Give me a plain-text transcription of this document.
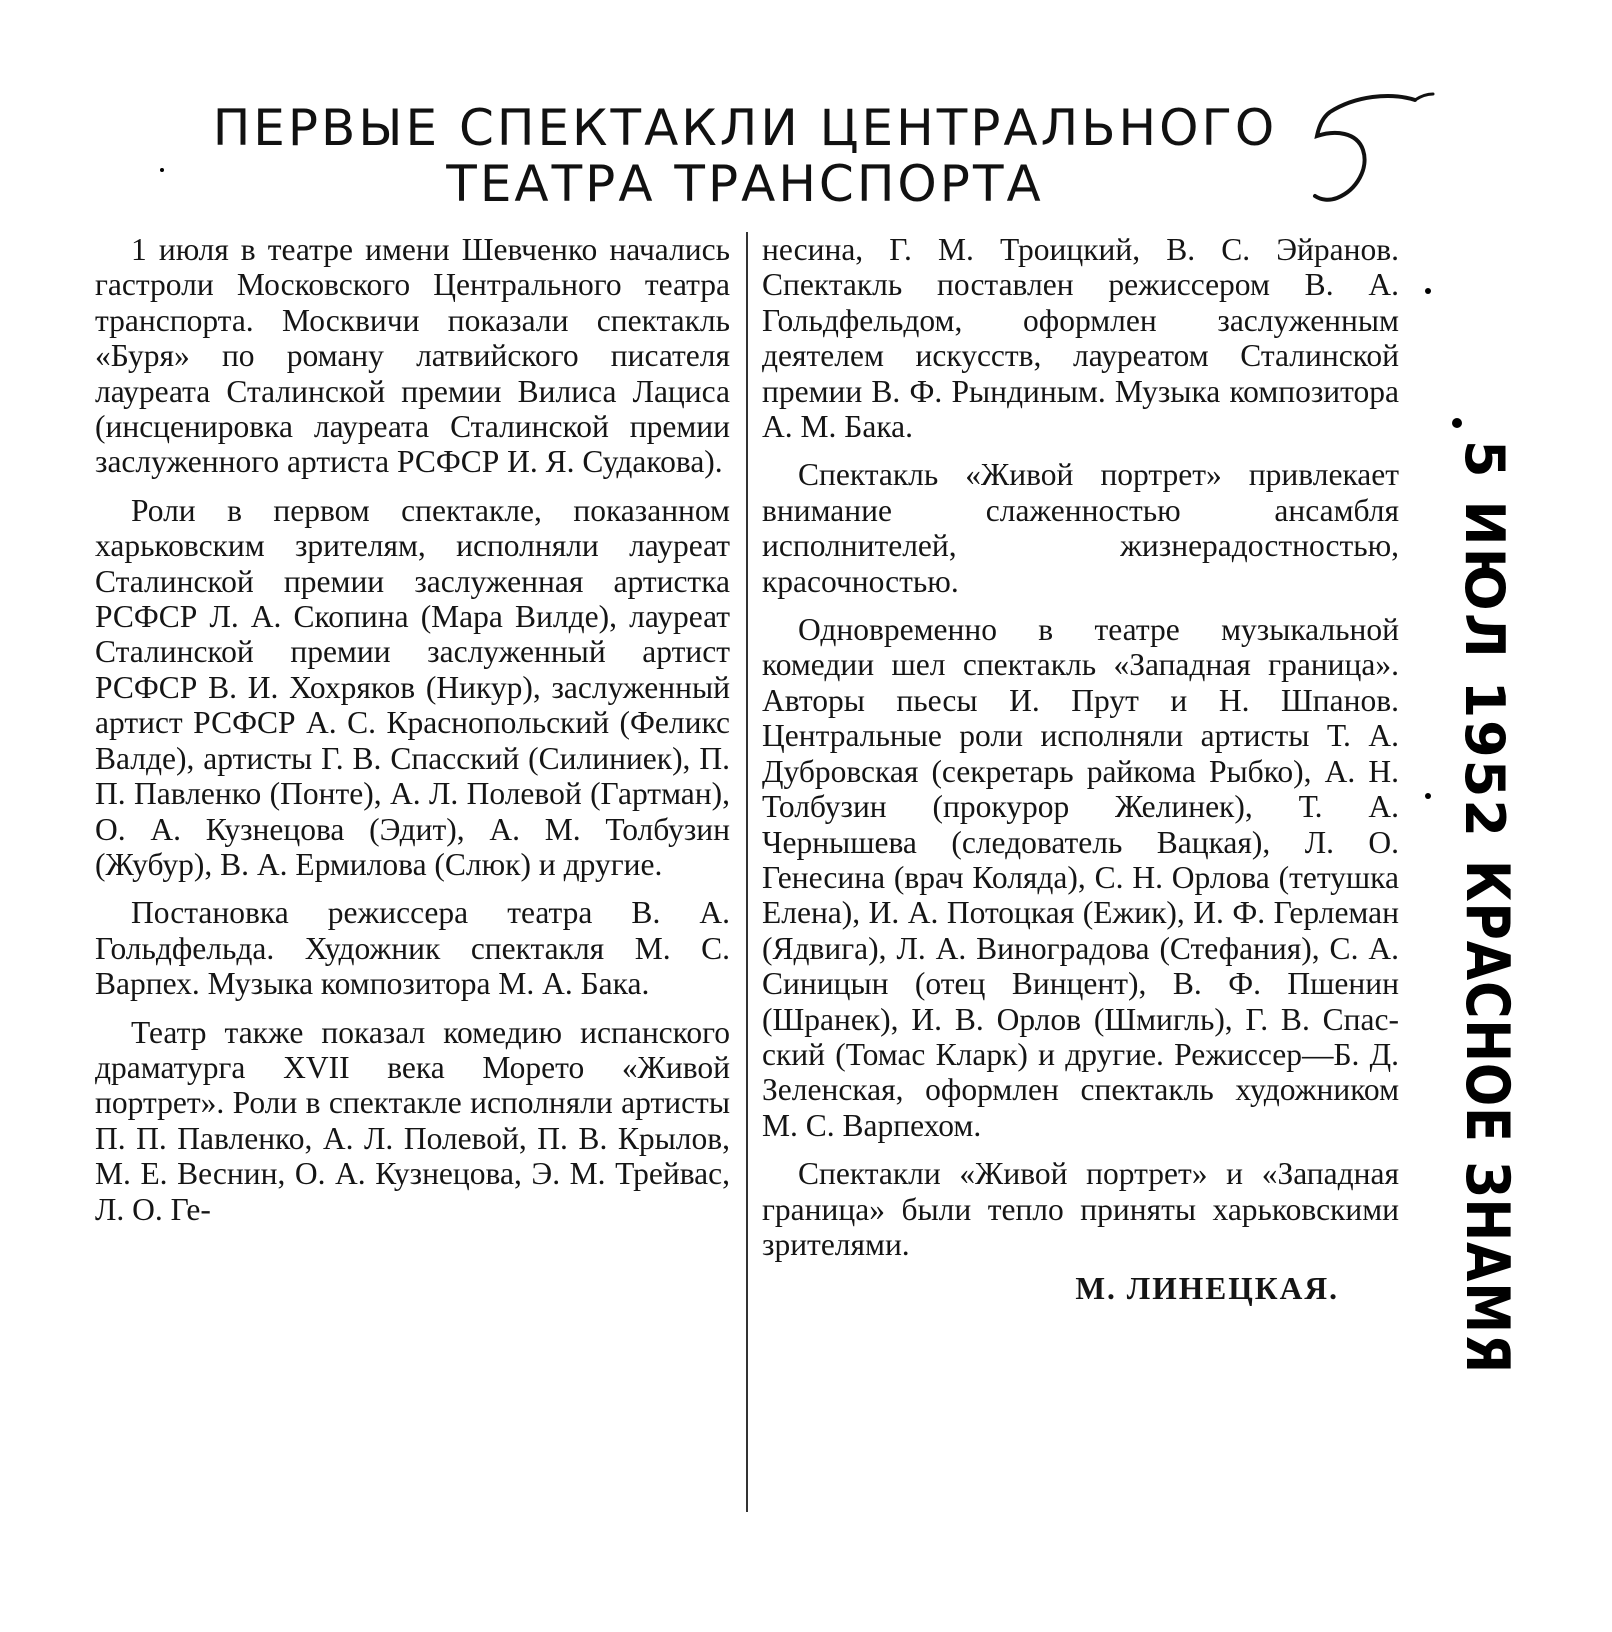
ПЕРВЫЕ СПЕКТАКЛИ ЦЕНТРАЛЬНОГО
ТЕАТРА ТРАНСПОРТА

1 июля в театре имени Шевченко начались гастроли Московского Центрального театра транспорта. Москвичи показали спектакль «Буря» по роману латвийского писателя лауреата Сталинской премии Вилиса Лациса (инсценировка лауреата Сталинской премии заслуженного артиста РСФСР И. Я. Судакова).

Роли в первом спектакле, показанном харьковским зрителям, исполняли лауреат Сталинской премии заслуженная артистка РСФСР Л. А. Скопина (Мара Вилде), лауреат Сталинской премии заслуженный артист РСФСР В. И. Хохряков (Никур), заслуженный артист РСФСР А. С. Краснопольский (Феликс Валде), артисты Г. В. Спасский (Силиниек), П. П. Павленко (Понте), А. Л. Полевой (Гартман), О. А. Кузнецова (Эдит), А. М. Толбузин (Жубур), В. А. Ермилова (Слюк) и другие.

Постановка режиссера театра В. А. Гольдфельда. Художник спектакля М. С. Варпех. Музыка композитора М. А. Бака.

Театр также показал комедию испанского драматурга XVII века Морето «Живой портрет». Роли в спектакле исполняли артисты П. П. Павленко, А. Л. Полевой, П. В. Крылов, М. Е. Веснин, О. А. Кузнецова, Э. М. Трейвас, Л. О. Ге-

несина, Г. М. Троицкий, В. С. Эйранов. Спектакль поставлен режиссером В. А. Гольдфельдом, оформлен заслуженным деятелем искусств, лауреатом Сталинской премии В. Ф. Рындиным. Музыка композитора А. М. Бака.

Спектакль «Живой портрет» привлекает внимание слаженностью ансамбля исполнителей, жизнерадостностью, красочностью.

Одновременно в театре музыкальной комедии шел спектакль «Западная граница». Авторы пьесы И. Прут и Н. Шпанов. Центральные роли исполняли артисты Т. А. Дубровская (секретарь райкома Рыбко), А. Н. Толбузин (прокурор Желинек), Т. А. Чернышева (следователь Вацкая), Л. О. Генесина (врач Коляда), С. Н. Орлова (тетушка Елена), И. А. Потоцкая (Ежик), И. Ф. Герлеман (Ядвига), Л. А. Виноградова (Стефания), С. А. Синицын (отец Винцент), В. Ф. Пшенин (Шранек), И. В. Орлов (Шмигль), Г. В. Спасский (Томас Кларк) и другие. Режиссер—Б. Д. Зеленская, оформлен спектакль художником М. С. Варпехом.

Спектакли «Живой портрет» и «Западная граница» были тепло приняты харьковскими зрителями.

М. ЛИНЕЦКАЯ.
5 ИЮЛ 1952
КРАСНОЕ ЗНАМЯ
